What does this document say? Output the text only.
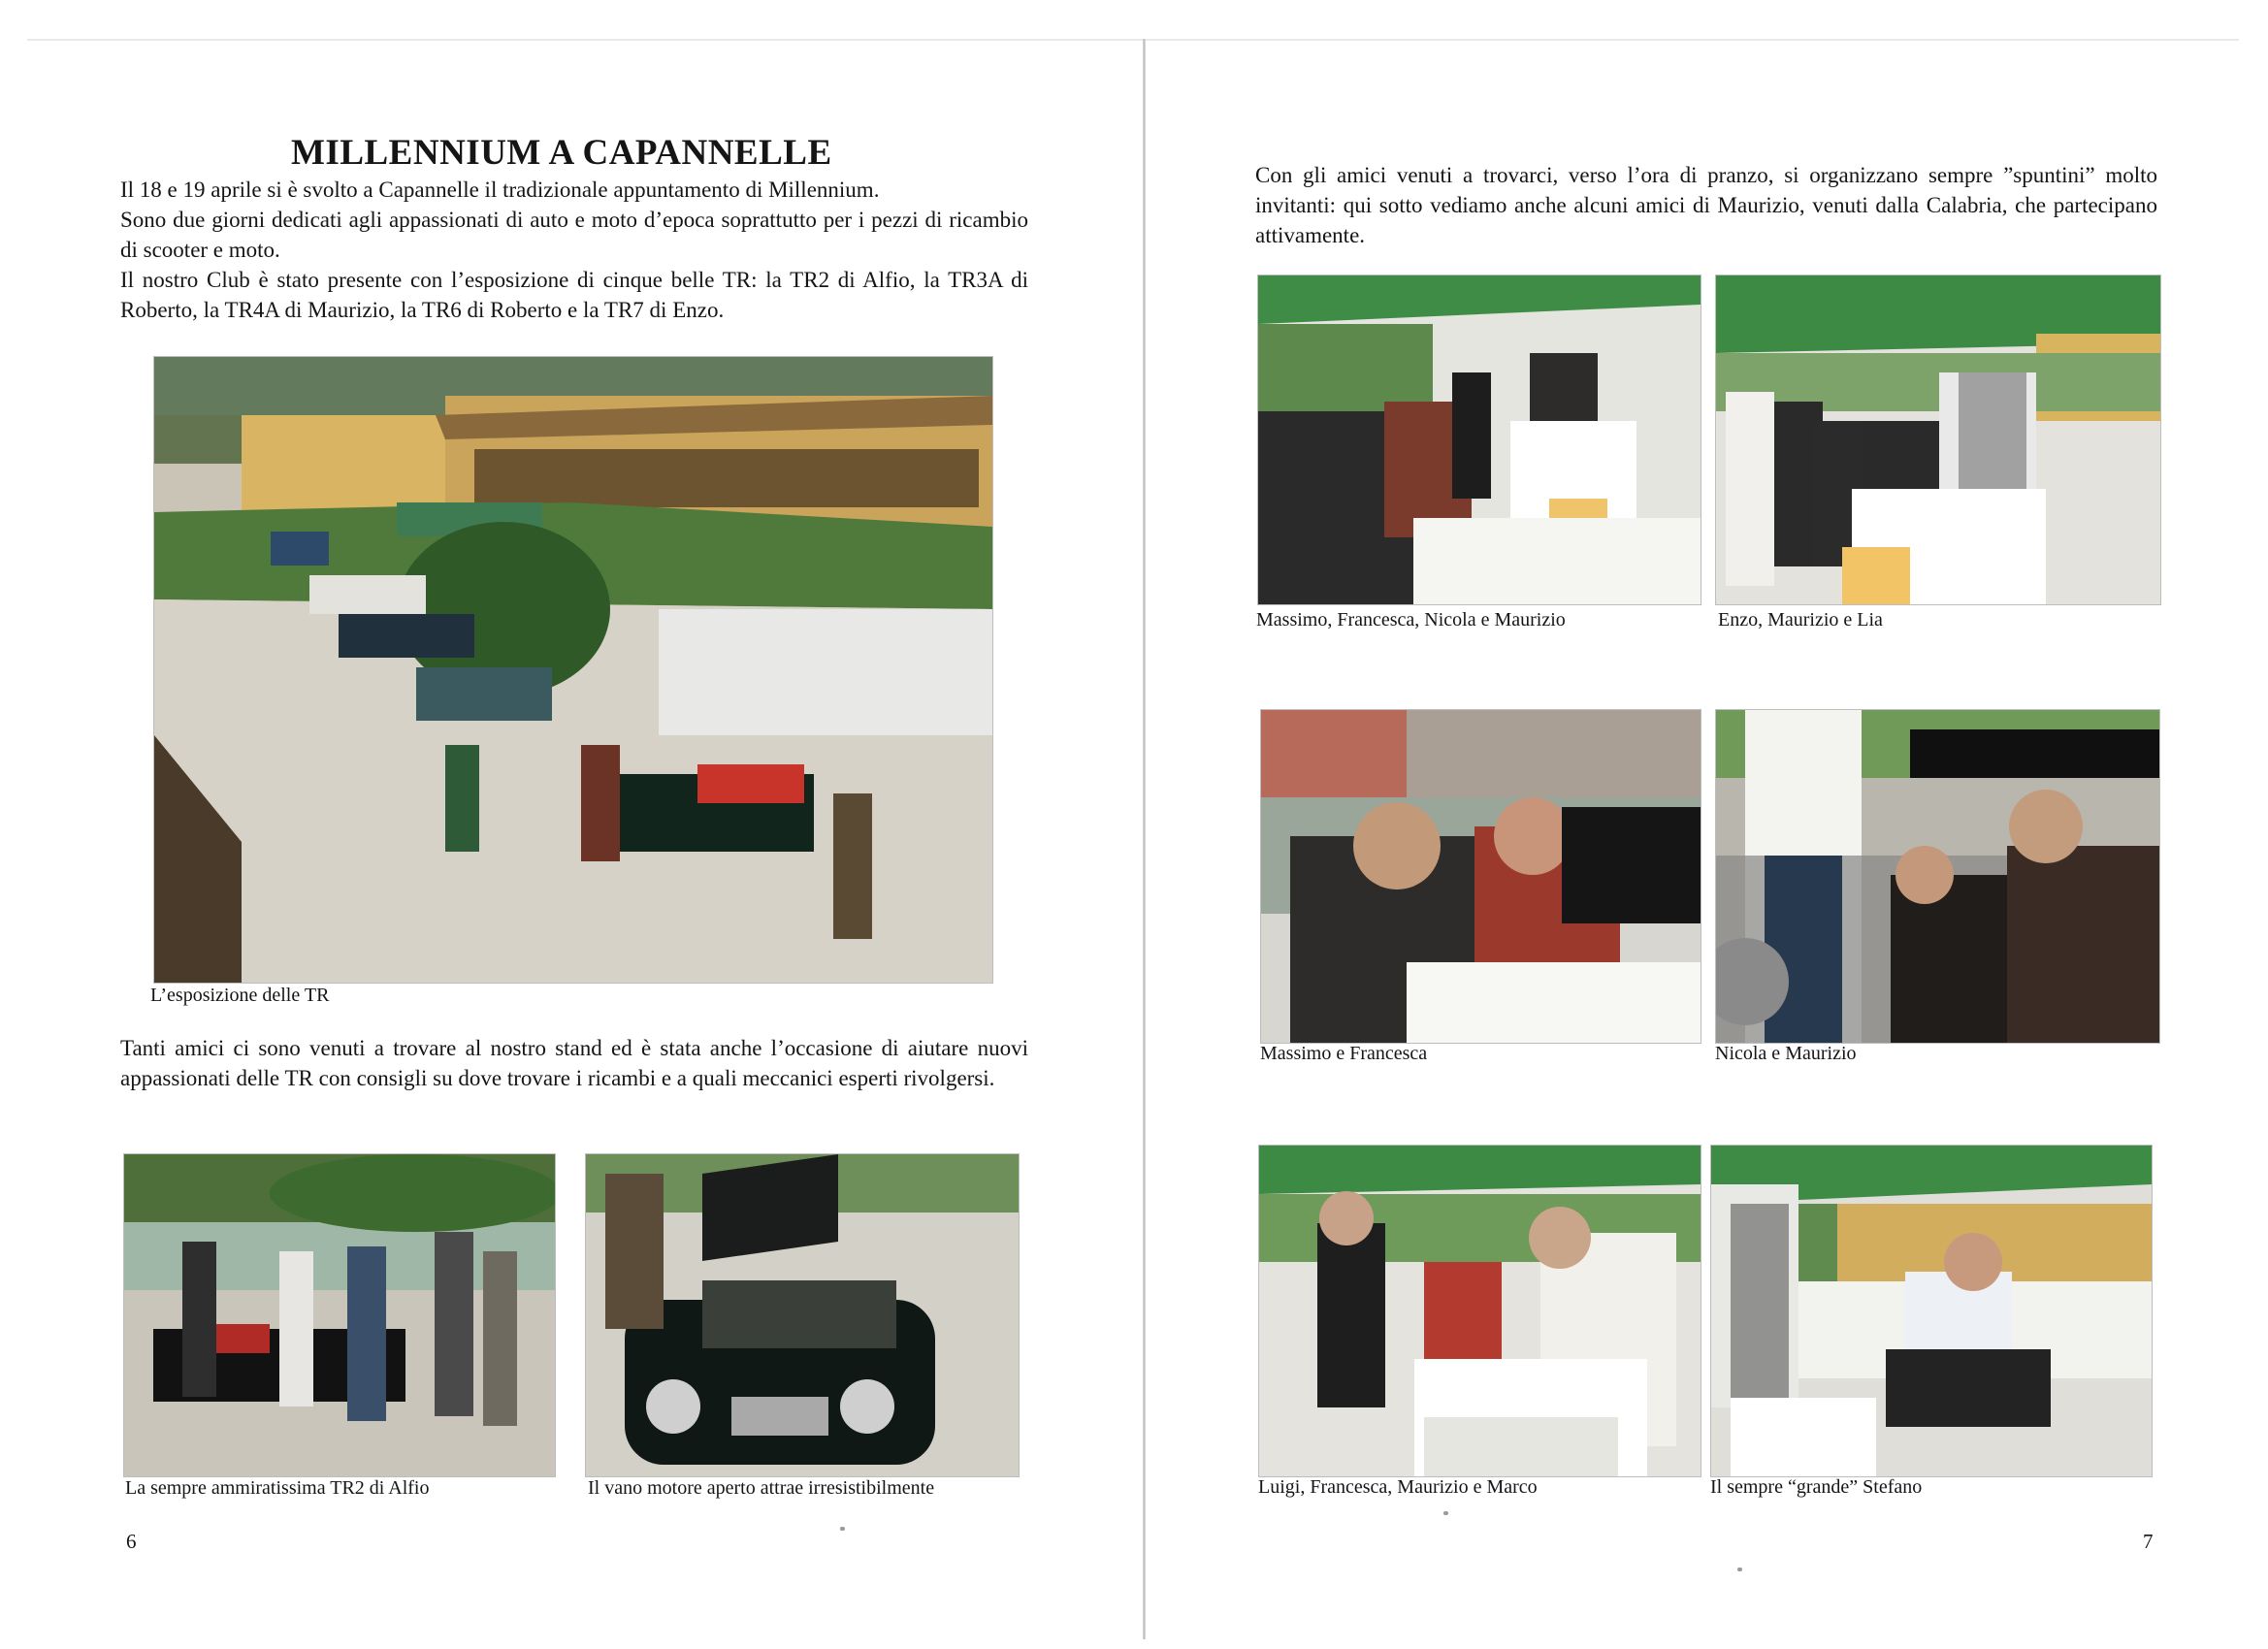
MILLENNIUM A CAPANNELLE

Il 18 e 19 aprile si è svolto a Capannelle il tradizionale appuntamento di Millennium.

Sono due giorni dedicati agli appassionati di auto e moto d’epoca soprattutto per i pezzi di ricambio di scooter e moto.

Il nostro Club è stato presente con l’esposizione di cinque belle TR: la TR2 di Alfio, la TR3A di Roberto, la TR4A di Maurizio, la TR6 di Roberto e la TR7 di Enzo.

L’esposizione delle TR
Tanti amici ci sono venuti a trovare al nostro stand ed è stata anche l’occasione di aiutare nuovi appassionati delle TR con consigli su dove trovare i ricambi e a quali meccanici esperti rivolgersi.
La sempre ammiratissima TR2 di Alfio	Il vano motore aperto attrae irresistibilmente
6
Con gli amici venuti a trovarci, verso l’ora di pranzo, si organizzano sempre ”spuntini” molto invitanti: qui sotto vediamo anche alcuni amici di Maurizio, venuti dalla Calabria, che partecipano attivamente.
Massimo, Francesca, Nicola e Maurizio	Enzo, Maurizio e Lia
Massimo e Francesca	Nicola e Maurizio
Luigi, Francesca, Maurizio e Marco	Il sempre “grande” Stefano
7
